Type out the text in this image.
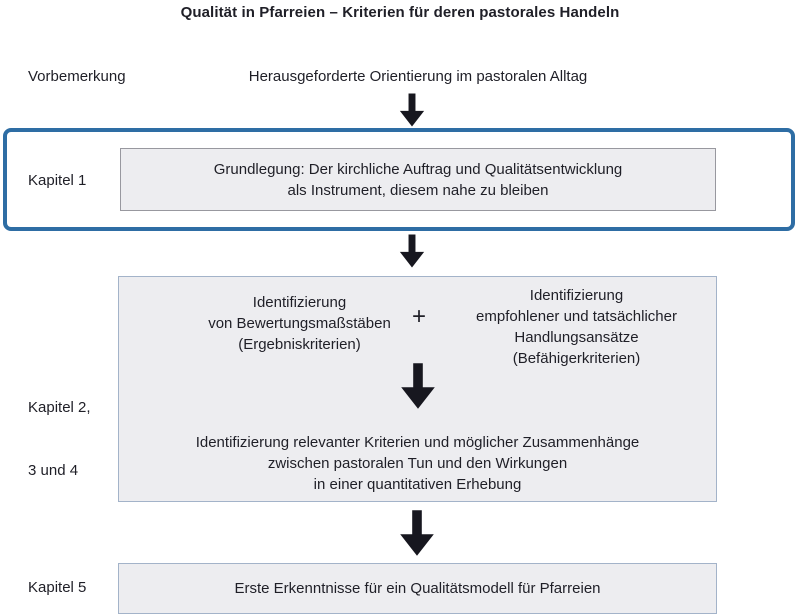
Qualität in Pfarreien – Kriterien für deren pastorales Handeln
Vorbemerkung	Herausgeforderte Orientierung im pastoralen Alltag
Kapitel 1
Grundlegung: Der kirchliche Auftrag und Qualitätsentwicklung
als Instrument, diesem nahe zu bleiben

Kapitel 2,

3 und 4

Identifizierung
von Bewertungsmaßstäben
(Ergebniskriterien)
+
Identifizierung
empfohlener und tatsächlicher
Handlungsansätze
(Befähigerkriterien)
Identifizierung relevanter Kriterien und möglicher Zusammenhänge
zwischen pastoralen Tun und den Wirkungen
in einer quantitativen Erhebung
Kapitel 5	Erste Erkenntnisse für ein Qualitätsmodell für Pfarreien
